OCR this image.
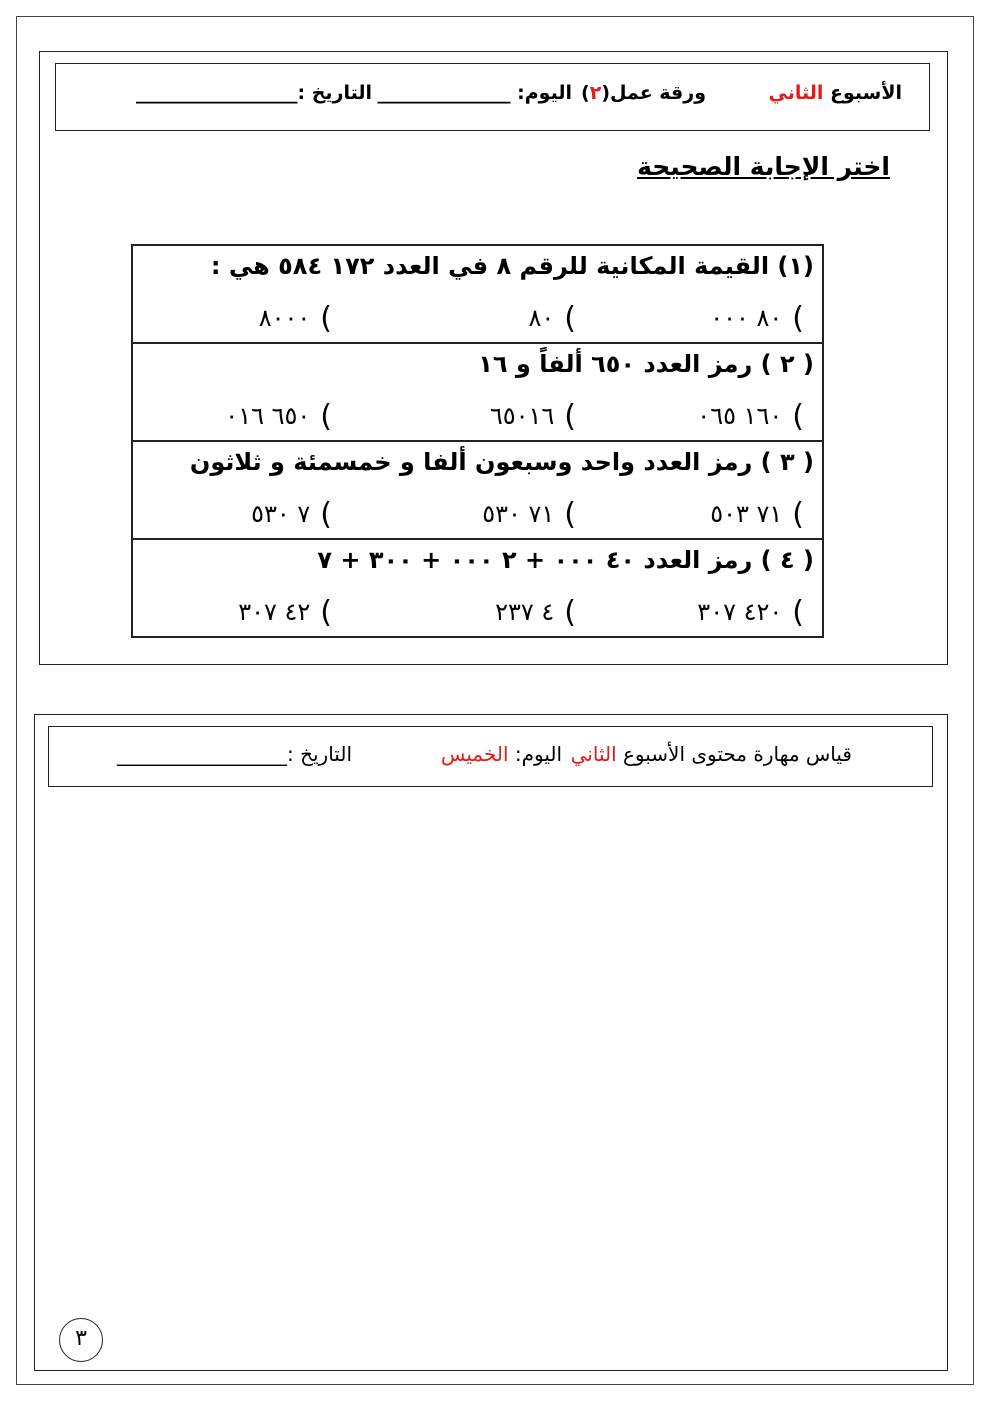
الأسبوع الثاني
ورقة عمل(٢)
اليوم: ______________
التاريخ :_________________
اختر الإجابة الصحيحة
(١) القيمة المكانية للرقم ٨ في العدد ١٧٢ ٥٨٤ هي :
)٨٠ ٠٠٠
)٨٠
)٨٠٠٠

( ٢ ) رمز العدد ٦٥٠ ألفاً و ١٦
)١٦٠ ٠٦٥
)٦٥٠١٦
)٦٥٠ ٠١٦

( ٣ ) رمز العدد واحد وسبعون ألفا و خمسمئة و ثلاثون
)٧١ ٥٠٣
)٧١ ٥٣٠
)٧ ٥٣٠

( ٤ ) رمز العدد ٤٠ ٠٠٠ + ٢ ٠٠٠ + ٣٠٠ + ٧
)٤٢٠ ٣٠٧
)٤ ٢٣٧
)٤٢ ٣٠٧
قياس مهارة محتوى الأسبوع الثاني
اليوم: الخميس
التاريخ :_________________
٣
